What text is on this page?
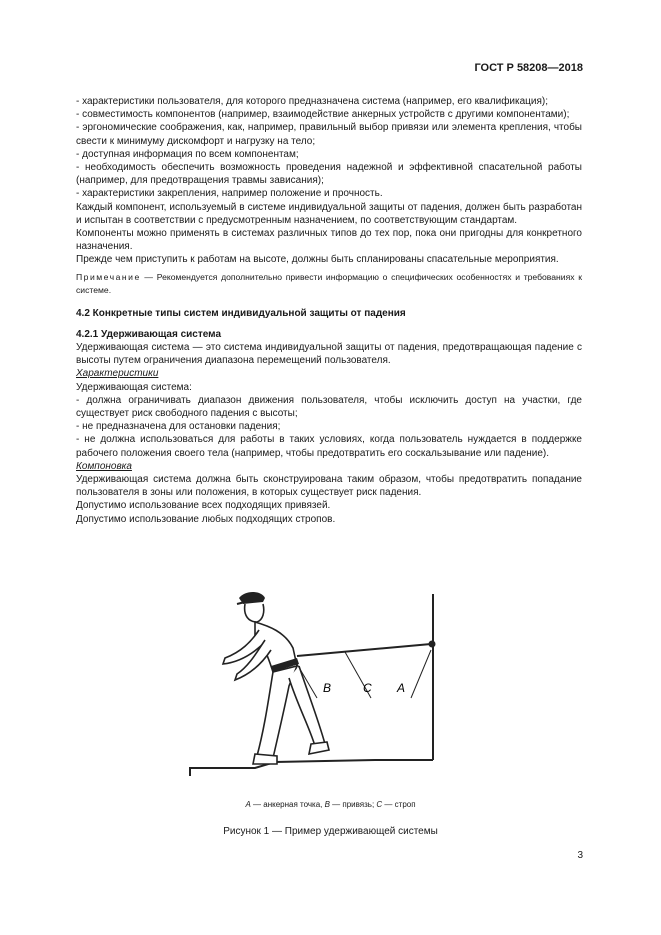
ГОСТ Р 58208—2018

- характеристики пользователя, для которого предназначена система (например, его квалификация);

- совместимость компонентов (например, взаимодействие анкерных устройств с другими компонентами);

- эргономические соображения, как, например, правильный выбор привязи или элемента крепления, чтобы свести к минимуму дискомфорт и нагрузку на тело;

- доступная информация по всем компонентам;

- необходимость обеспечить возможность проведения надежной и эффективной спасательной работы (например, для предотвращения травмы зависания);

- характеристики закрепления, например положение и прочность.

Каждый компонент, используемый в системе индивидуальной защиты от падения, должен быть разработан и испытан в соответствии с предусмотренным назначением, по соответствующим стандартам.

Компоненты можно применять в системах различных типов до тех пор, пока они пригодны для конкретного назначения.

Прежде чем приступить к работам на высоте, должны быть спланированы спасательные мероприятия.

Примечание — Рекомендуется дополнительно привести информацию о специфических особенностях и требованиях к системе.

4.2 Конкретные типы систем индивидуальной защиты от падения

4.2.1 Удерживающая система

Удерживающая система — это система индивидуальной защиты от падения, предотвращающая падение с высоты путем ограничения диапазона перемещений пользователя.

Характеристики

Удерживающая система:

- должна ограничивать диапазон движения пользователя, чтобы исключить доступ на участки, где существует риск свободного падения с высоты;

- не предназначена для остановки падения;

- не должна использоваться для работы в таких условиях, когда пользователь нуждается в поддержке рабочего положения своего тела (например, чтобы предотвратить его соскальзывание или падение).

Компоновка

Удерживающая система должна быть сконструирована таким образом, чтобы предотвратить попадание пользователя в зоны или положения, в которых существует риск падения.

Допустимо использование всех подходящих привязей.

Допустимо использование любых подходящих стропов.

B	C A
A — анкерная точка, B — привязь; C — строп
Рисунок 1 — Пример удерживающей системы
3
